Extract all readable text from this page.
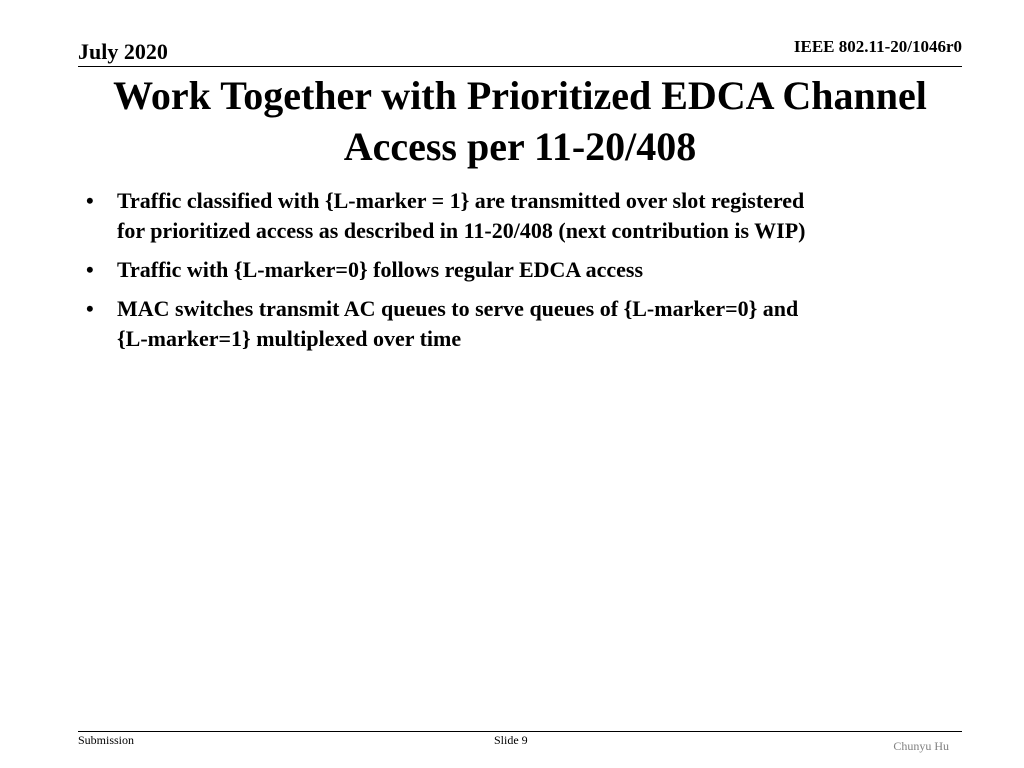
July 2020	IEEE 802.11-20/1046r0
Work Together with Prioritized EDCA Channel
Access per 11-20/408
• Traffic classified with {L-marker = 1} are transmitted over slot registered
for prioritized access as described in 11-20/408 (next contribution is WIP)
• Traffic with {L-marker=0} follows regular EDCA access
• MAC switches transmit AC queues to serve queues of {L-marker=0} and
{L-marker=1} multiplexed over time
Submission	Slide 9	Chunyu Hu
